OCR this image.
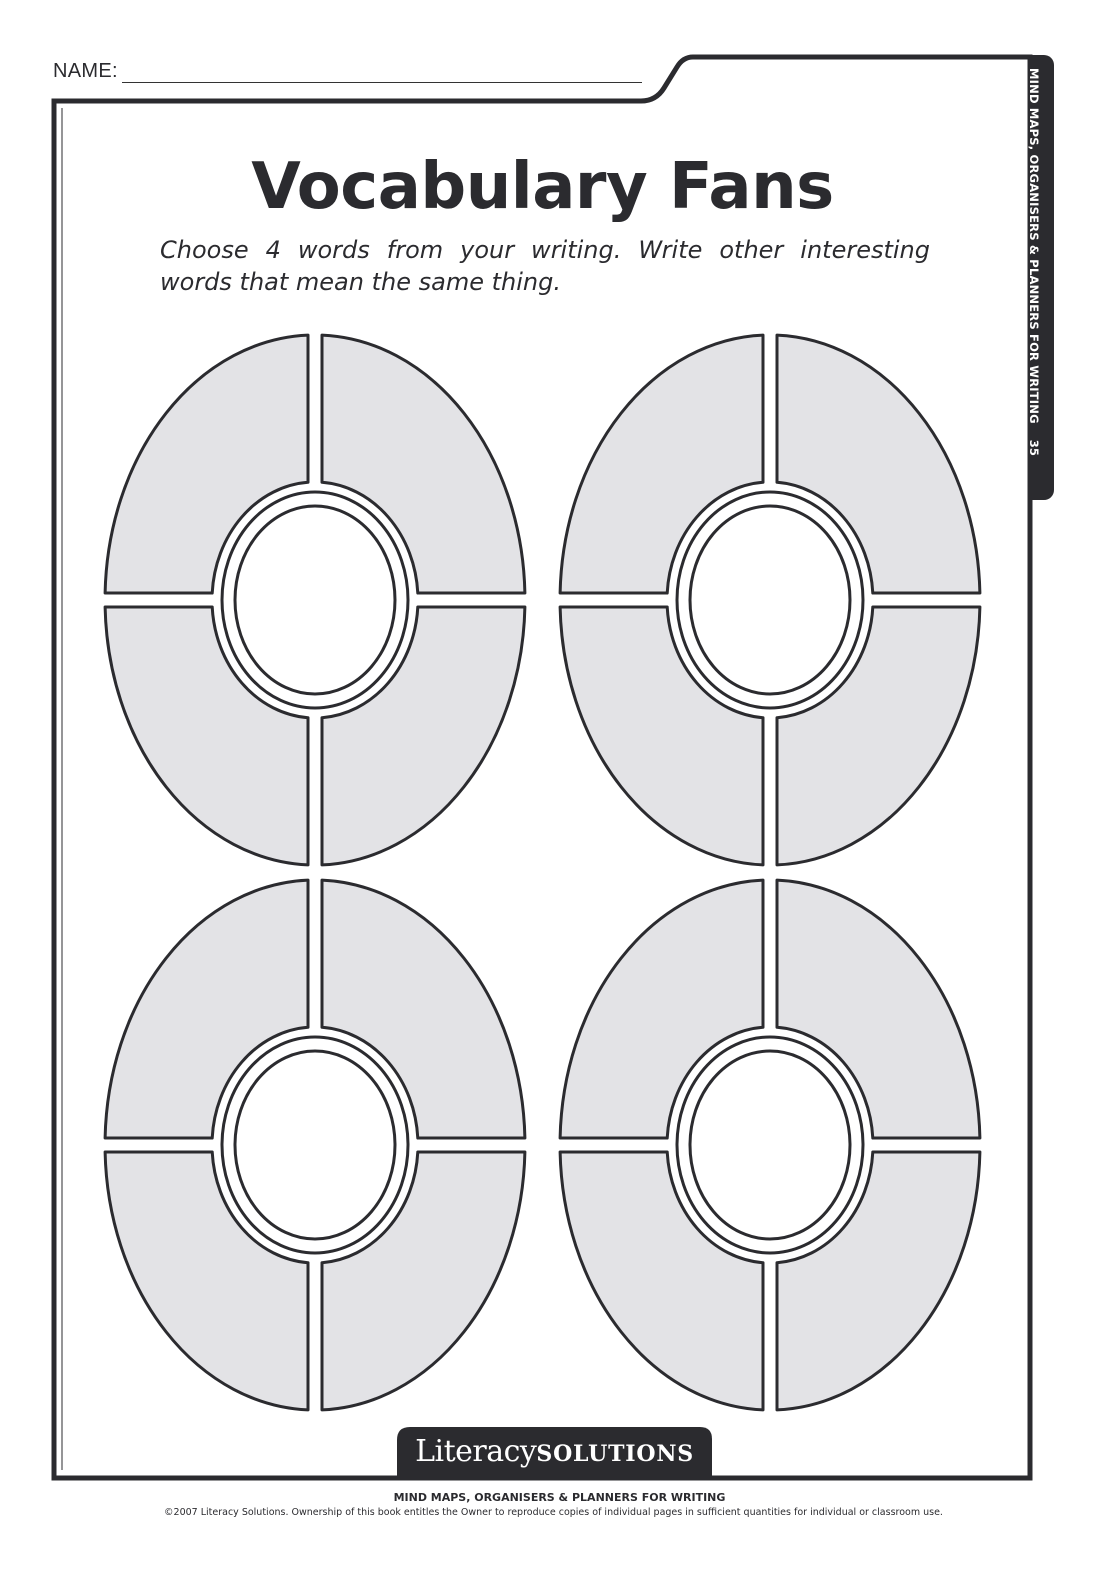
NAME:
Vocabulary Fans
Choose 4 words from your writing. Write other interesting words that mean the same thing.	MIND MAPS, ORGANISERS & PLANNERS FOR WRITING35
Literacy SOLUTIONS
MIND MAPS, ORGANISERS & PLANNERS FOR WRITING
©2007 Literacy Solutions. Ownership of this book entitles the Owner to reproduce copies of individual pages in sufficient quantities for individual or classroom use.
